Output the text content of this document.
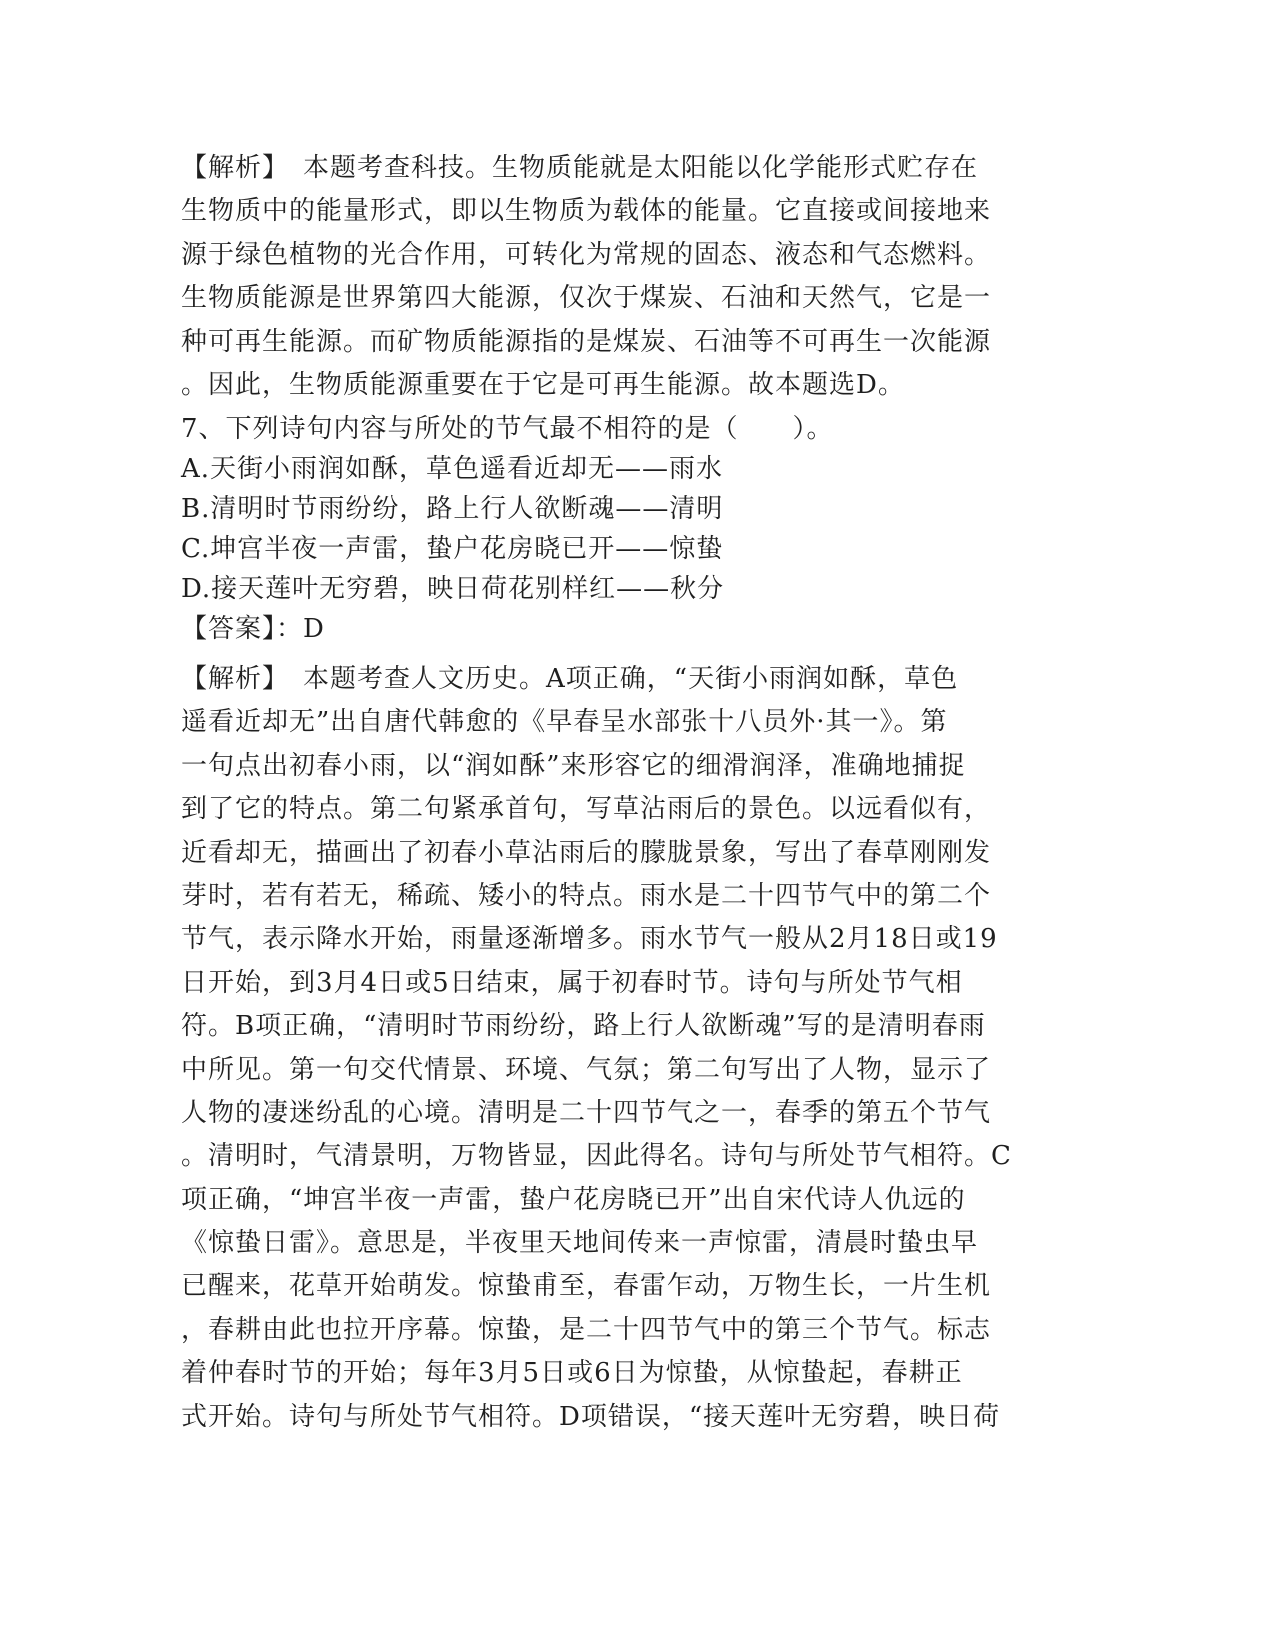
【解析】　本题考查科技。生物质能就是太阳能以化学能形式贮存在
生物质中的能量形式，即以生物质为载体的能量。它直接或间接地来
源于绿色植物的光合作用，可转化为常规的固态、液态和气态燃料。
生物质能源是世界第四大能源，仅次于煤炭、石油和天然气，它是一
种可再生能源。而矿物质能源指的是煤炭、石油等不可再生一次能源
。因此，生物质能源重要在于它是可再生能源。故本题选D。
7、下列诗句内容与所处的节气最不相符的是（　　）。
A.天街小雨润如酥，草色遥看近却无——雨水
B.清明时节雨纷纷，路上行人欲断魂——清明
C.坤宫半夜一声雷，蛰户花房晓已开——惊蛰
D.接天莲叶无穷碧，映日荷花别样红——秋分
【答案】：D
【解析】　本题考查人文历史。A项正确，“天街小雨润如酥，草色
遥看近却无”出自唐代韩愈的《早春呈水部张十八员外·其一》。第
一句点出初春小雨，以“润如酥”来形容它的细滑润泽，准确地捕捉
到了它的特点。第二句紧承首句，写草沾雨后的景色。以远看似有，
近看却无，描画出了初春小草沾雨后的朦胧景象，写出了春草刚刚发
芽时，若有若无，稀疏、矮小的特点。雨水是二十四节气中的第二个
节气，表示降水开始，雨量逐渐增多。雨水节气一般从2月18日或19
日开始，到3月4日或5日结束，属于初春时节。诗句与所处节气相
符。B项正确，“清明时节雨纷纷，路上行人欲断魂”写的是清明春雨
中所见。第一句交代情景、环境、气氛；第二句写出了人物，显示了
人物的凄迷纷乱的心境。清明是二十四节气之一，春季的第五个节气
。清明时，气清景明，万物皆显，因此得名。诗句与所处节气相符。C
项正确，“坤宫半夜一声雷，蛰户花房晓已开”出自宋代诗人仇远的
《惊蛰日雷》。意思是，半夜里天地间传来一声惊雷，清晨时蛰虫早
已醒来，花草开始萌发。惊蛰甫至，春雷乍动，万物生长，一片生机
，春耕由此也拉开序幕。惊蛰，是二十四节气中的第三个节气。标志
着仲春时节的开始；每年3月5日或6日为惊蛰，从惊蛰起，春耕正
式开始。诗句与所处节气相符。D项错误，“接天莲叶无穷碧，映日荷
